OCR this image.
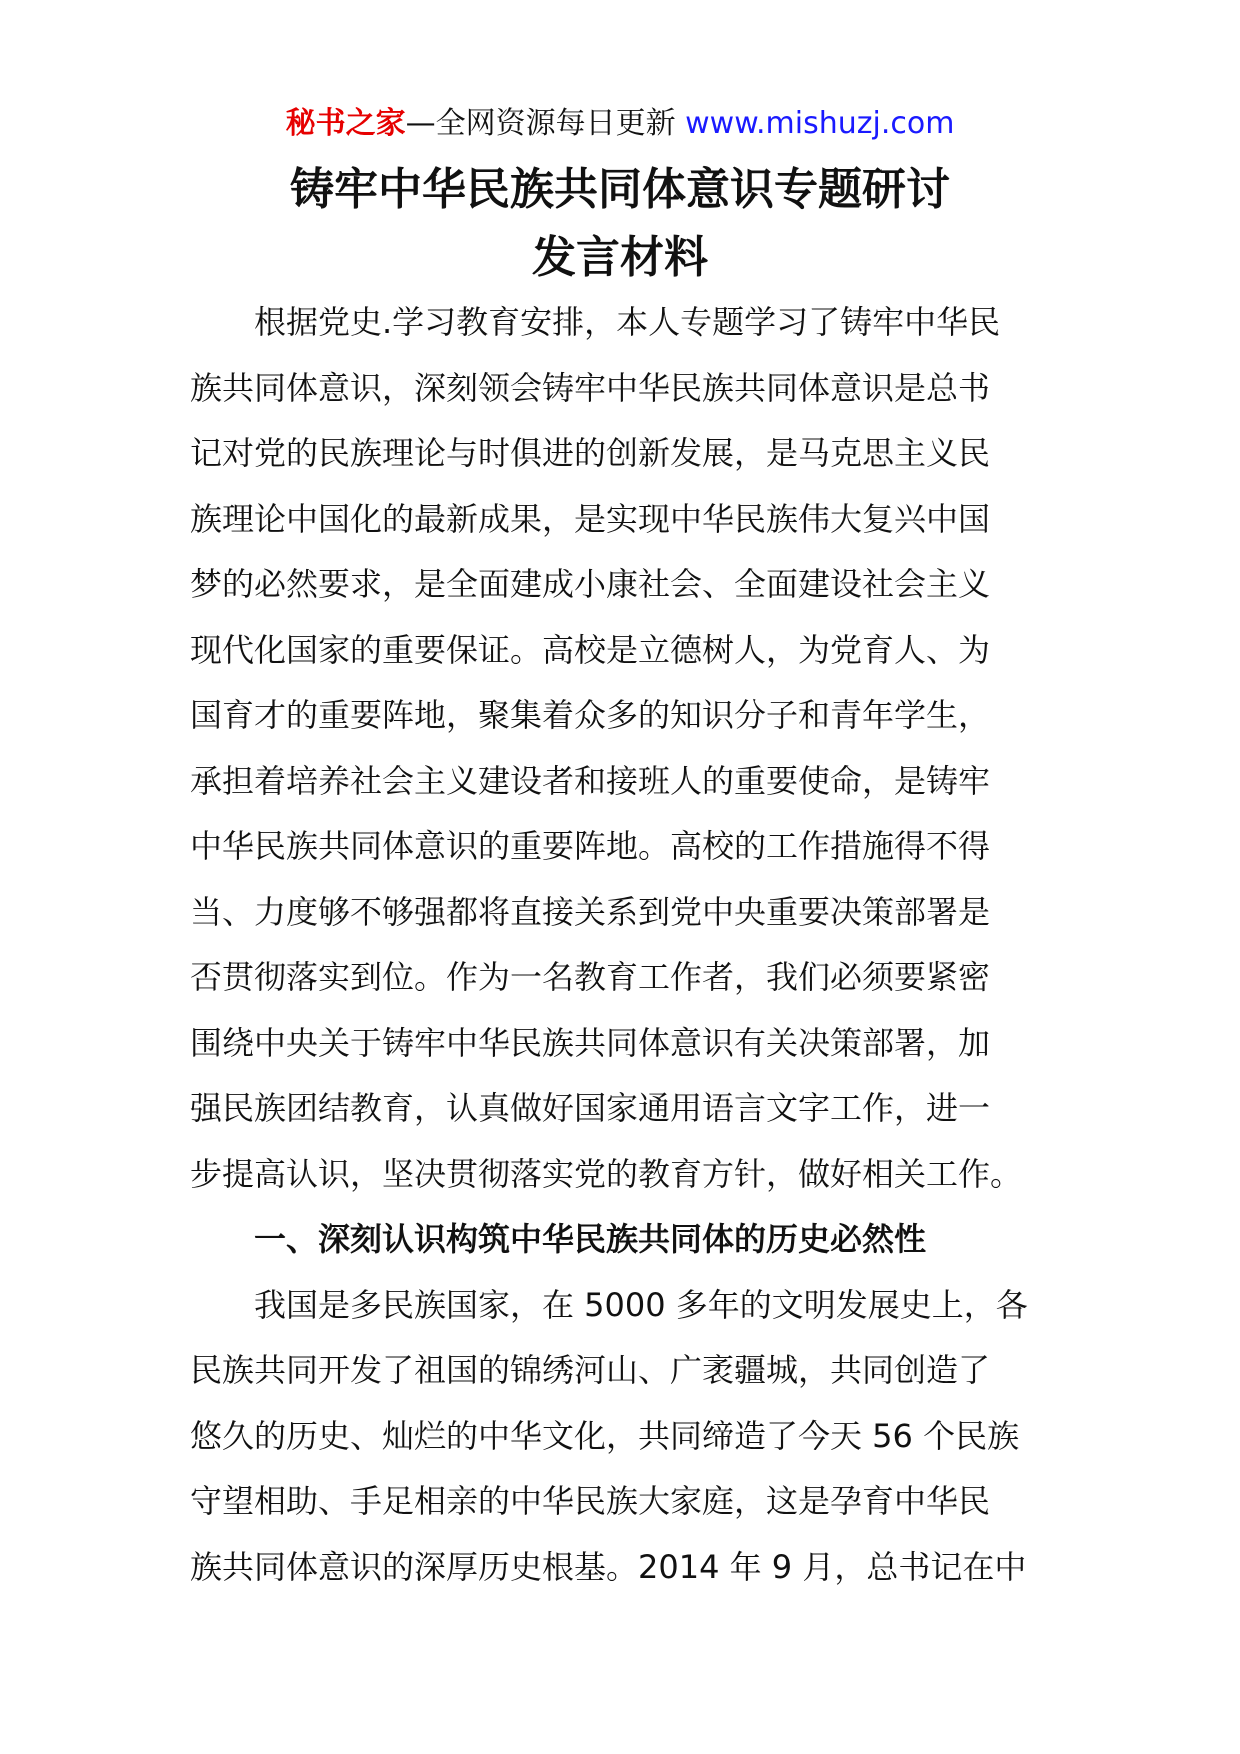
秘书之家—全网资源每日更新 www.mishuzj.com
铸牢中华民族共同体意识专题研讨
发言材料

根据党史.学习教育安排，本人专题学习了铸牢中华民

族共同体意识，深刻领会铸牢中华民族共同体意识是总书

记对党的民族理论与时俱进的创新发展，是马克思主义民

族理论中国化的最新成果，是实现中华民族伟大复兴中国

梦的必然要求，是全面建成小康社会、全面建设社会主义

现代化国家的重要保证。高校是立德树人，为党育人、为

国育才的重要阵地，聚集着众多的知识分子和青年学生，

承担着培养社会主义建设者和接班人的重要使命，是铸牢

中华民族共同体意识的重要阵地。高校的工作措施得不得

当、力度够不够强都将直接关系到党中央重要决策部署是

否贯彻落实到位。作为一名教育工作者，我们必须要紧密

围绕中央关于铸牢中华民族共同体意识有关决策部署，加

强民族团结教育，认真做好国家通用语言文字工作，进一

步提高认识，坚决贯彻落实党的教育方针，做好相关工作。

一、深刻认识构筑中华民族共同体的历史必然性

我国是多民族国家，在 5000 多年的文明发展史上，各

民族共同开发了祖国的锦绣河山、广袤疆城，共同创造了

悠久的历史、灿烂的中华文化，共同缔造了今天 56 个民族

守望相助、手足相亲的中华民族大家庭，这是孕育中华民

族共同体意识的深厚历史根基。2014 年 9 月，总书记在中
